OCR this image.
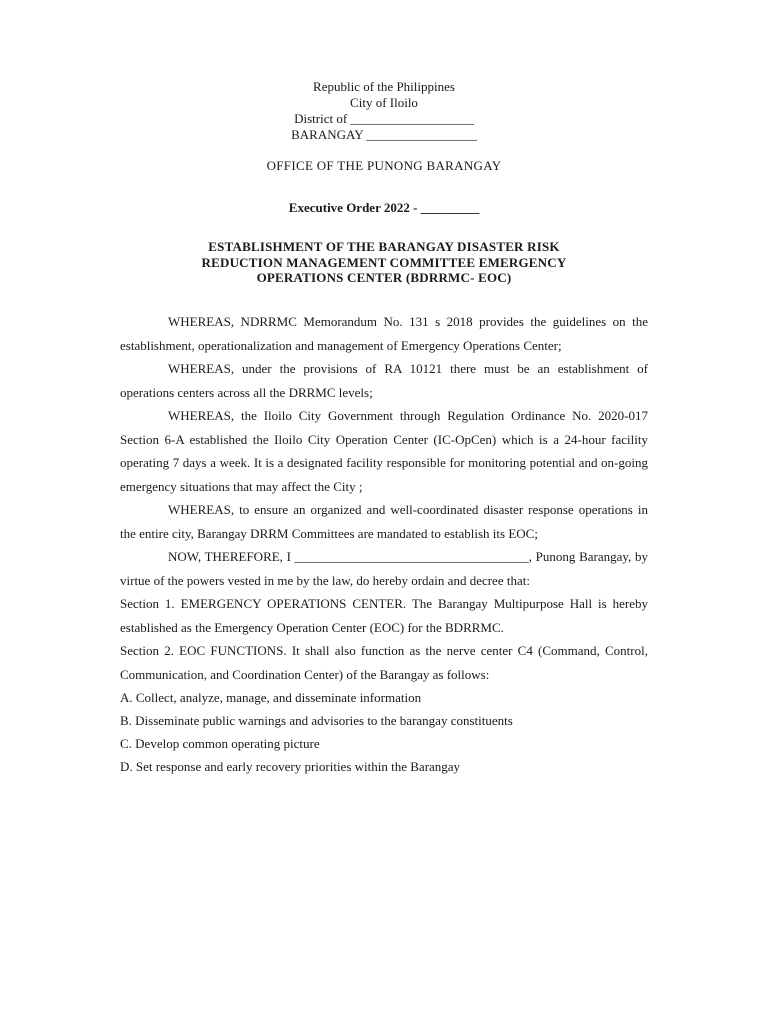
Republic of the Philippines
City of Iloilo
District of ___________________
BARANGAY _________________
OFFICE OF THE PUNONG BARANGAY
Executive Order 2022 - _________
ESTABLISHMENT OF THE BARANGAY DISASTER RISK
REDUCTION MANAGEMENT COMMITTEE EMERGENCY
OPERATIONS CENTER (BDRRMC- EOC)

WHEREAS, NDRRMC Memorandum No. 131 s 2018 provides the guidelines on the establishment, operationalization and management of Emergency Operations Center;

WHEREAS, under the provisions of RA 10121 there must be an establishment of operations centers across all the DRRMC levels;

WHEREAS, the Iloilo City Government through Regulation Ordinance No. 2020-017 Section 6-A established the Iloilo City Operation Center (IC-OpCen) which is a 24-hour facility operating 7 days a week. It is a designated facility responsible for monitoring potential and on-going emergency situations that may affect the City ;

WHEREAS, to ensure an organized and well-coordinated disaster response operations in the entire city, Barangay DRRM Committees are mandated to establish its EOC;

NOW, THEREFORE, I ____________________________________, Punong Barangay, by virtue of the powers vested in me by the law, do hereby ordain and decree that:

Section 1. EMERGENCY OPERATIONS CENTER. The Barangay Multipurpose Hall is hereby established as the Emergency Operation Center (EOC) for the BDRRMC.

Section 2. EOC FUNCTIONS. It shall also function as the nerve center C4 (Command, Control, Communication, and Coordination Center) of the Barangay as follows:

A. Collect, analyze, manage, and disseminate information

B. Disseminate public warnings and advisories to the barangay constituents

C. Develop common operating picture

D. Set response and early recovery priorities within the Barangay
